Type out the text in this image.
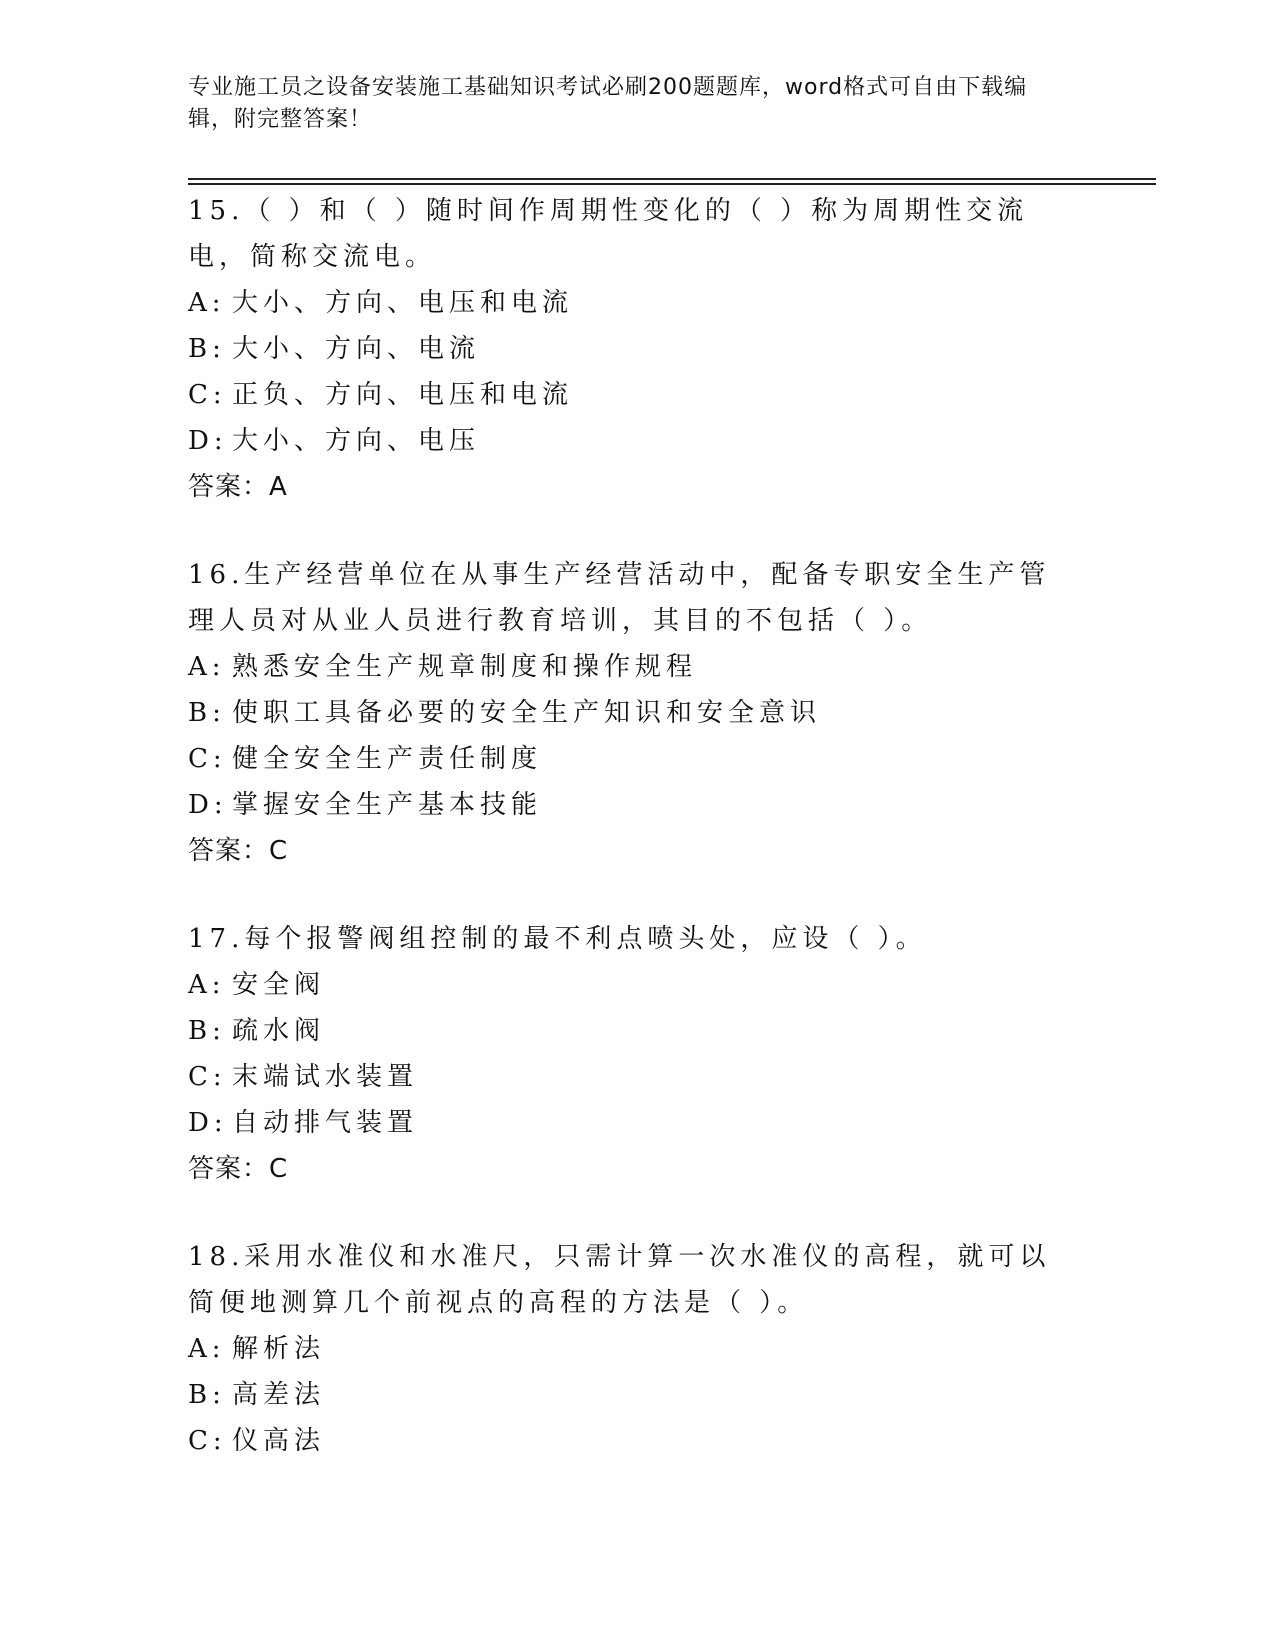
专业施工员之设备安装施工基础知识考试必刷200题题库，word格式可自由下载编辑，附完整答案！

15.（ ）和（ ）随时间作周期性变化的（ ）称为周期性交流电，简称交流电。

A: 大小、方向、电压和电流

B: 大小、方向、电流

C: 正负、方向、电压和电流

D: 大小、方向、电压

答案：A

16.生产经营单位在从事生产经营活动中，配备专职安全生产管理人员对从业人员进行教育培训，其目的不包括（ ）。

A: 熟悉安全生产规章制度和操作规程

B: 使职工具备必要的安全生产知识和安全意识

C: 健全安全生产责任制度

D: 掌握安全生产基本技能

答案：C

17.每个报警阀组控制的最不利点喷头处，应设（ ）。

A: 安全阀

B: 疏水阀

C: 末端试水装置

D: 自动排气装置

答案：C

18.采用水准仪和水准尺，只需计算一次水准仪的高程，就可以简便地测算几个前视点的高程的方法是（ ）。

A: 解析法

B: 高差法

C: 仪高法
